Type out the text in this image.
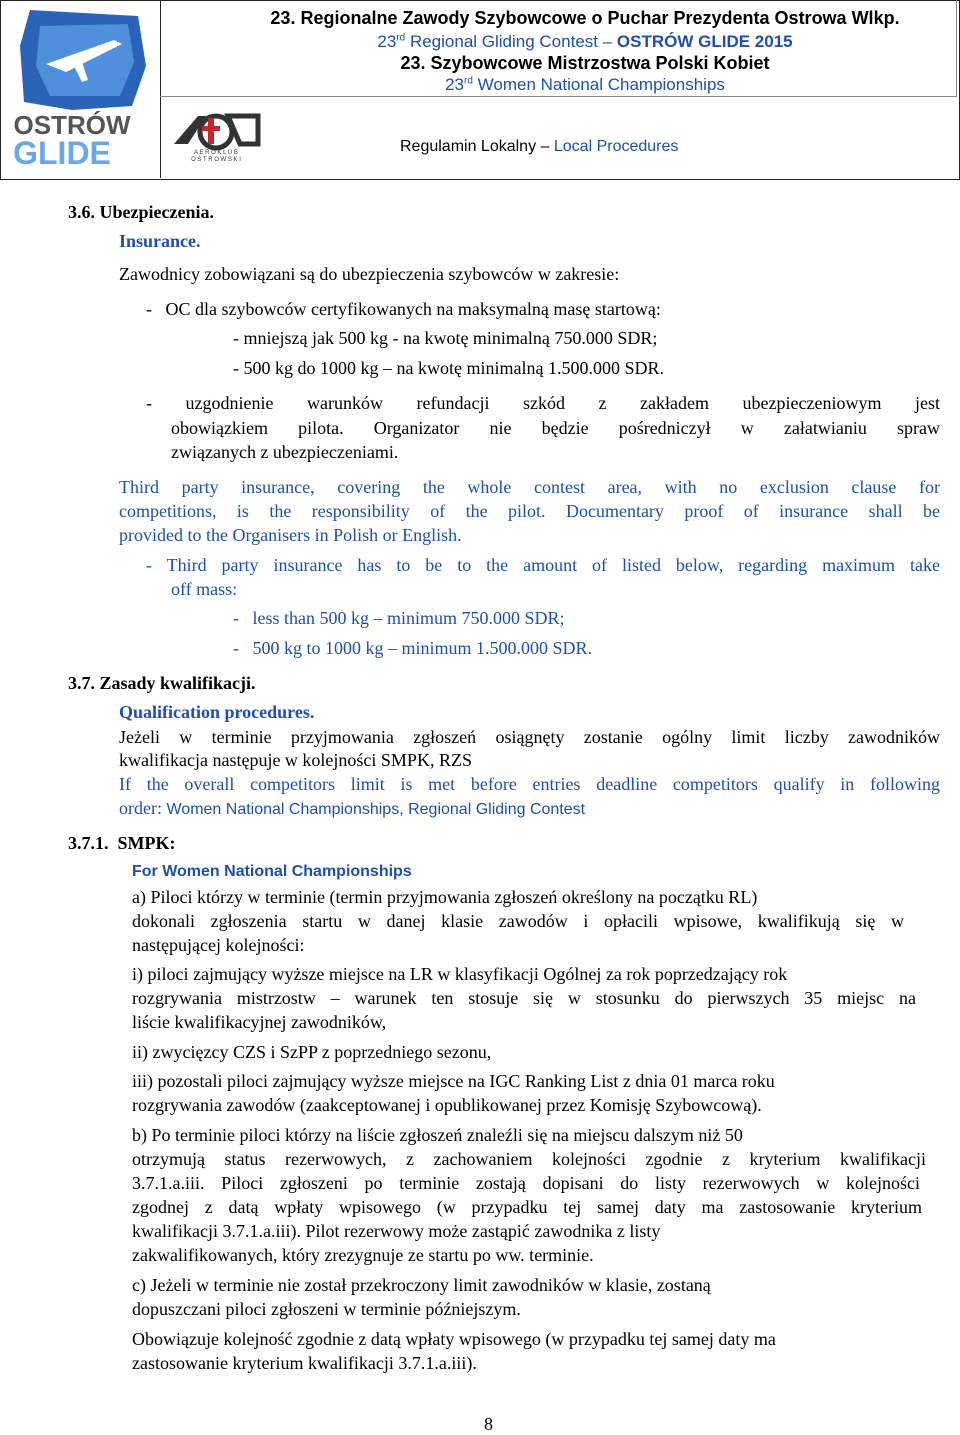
OSTRÓW
GLIDE	A E R O K L U B
O S T R O W S K I
23. Regionalne Zawody Szybowcowe o Puchar Prezydenta Ostrowa Wlkp.
23rd Regional Gliding Contest – OSTRÓW GLIDE 2015
23. Szybowcowe Mistrzostwa Polski Kobiet
23rd Women National Championships
Regulamin Lokalny – Local Procedures
3.6. Ubezpieczenia.
Insurance.
Zawodnicy zobowiązani są do ubezpieczenia szybowców w zakresie:
-   OC dla szybowców certyfikowanych na maksymalną masę startową:
- mniejszą jak 500 kg - na kwotę minimalną 750.000 SDR;
- 500 kg do 1000 kg – na kwotę minimalną 1.500.000 SDR.
- uzgodnienie warunków refundacji szkód z zakładem ubezpieczeniowym jest
obowiązkiem pilota. Organizator nie będzie pośredniczył w załatwianiu spraw
związanych z ubezpieczeniami.
Third party insurance, covering the whole contest area, with no exclusion clause for
competitions, is the responsibility of the pilot. Documentary proof of insurance shall be
provided to the Organisers in Polish or English.
- Third party insurance has to be to the amount of listed below, regarding maximum take
off mass:
-   less than 500 kg – minimum 750.000 SDR;
-   500 kg to 1000 kg – minimum 1.500.000 SDR.
3.7. Zasady kwalifikacji.
Qualification procedures.
Jeżeli w terminie przyjmowania zgłoszeń osiągnęty zostanie ogólny limit liczby zawodników
kwalifikacja następuje w kolejności SMPK, RZS
If the overall competitors limit is met before entries deadline competitors qualify in following
order: Women National Championships, Regional Gliding Contest
3.7.1.  SMPK:
For Women National Championships
a) Piloci którzy w terminie (termin przyjmowania zgłoszeń określony na początku RL)
dokonali zgłoszenia startu w danej klasie zawodów i opłacili wpisowe, kwalifikują się w
następującej kolejności:
i) piloci zajmujący wyższe miejsce na LR w klasyfikacji Ogólnej za rok poprzedzający rok
rozgrywania mistrzostw – warunek ten stosuje się w stosunku do pierwszych 35 miejsc na
liście kwalifikacyjnej zawodników,
ii) zwycięzcy CZS i SzPP z poprzedniego sezonu,
iii) pozostali piloci zajmujący wyższe miejsce na IGC Ranking List z dnia 01 marca roku
rozgrywania zawodów (zaakceptowanej i opublikowanej przez Komisję Szybowcową).
b) Po terminie piloci którzy na liście zgłoszeń znaleźli się na miejscu dalszym niż 50
otrzymują status rezerwowych, z zachowaniem kolejności zgodnie z kryterium kwalifikacji
3.7.1.a.iii. Piloci zgłoszeni po terminie zostają dopisani do listy rezerwowych w kolejności
zgodnej z datą wpłaty wpisowego (w przypadku tej samej daty ma zastosowanie kryterium
kwalifikacji 3.7.1.a.iii). Pilot rezerwowy może zastąpić zawodnika z listy
zakwalifikowanych, który zrezygnuje ze startu po ww. terminie.
c) Jeżeli w terminie nie został przekroczony limit zawodników w klasie, zostaną
dopuszczani piloci zgłoszeni w terminie późniejszym.
Obowiązuje kolejność zgodnie z datą wpłaty wpisowego (w przypadku tej samej daty ma
zastosowanie kryterium kwalifikacji 3.7.1.a.iii).
8
